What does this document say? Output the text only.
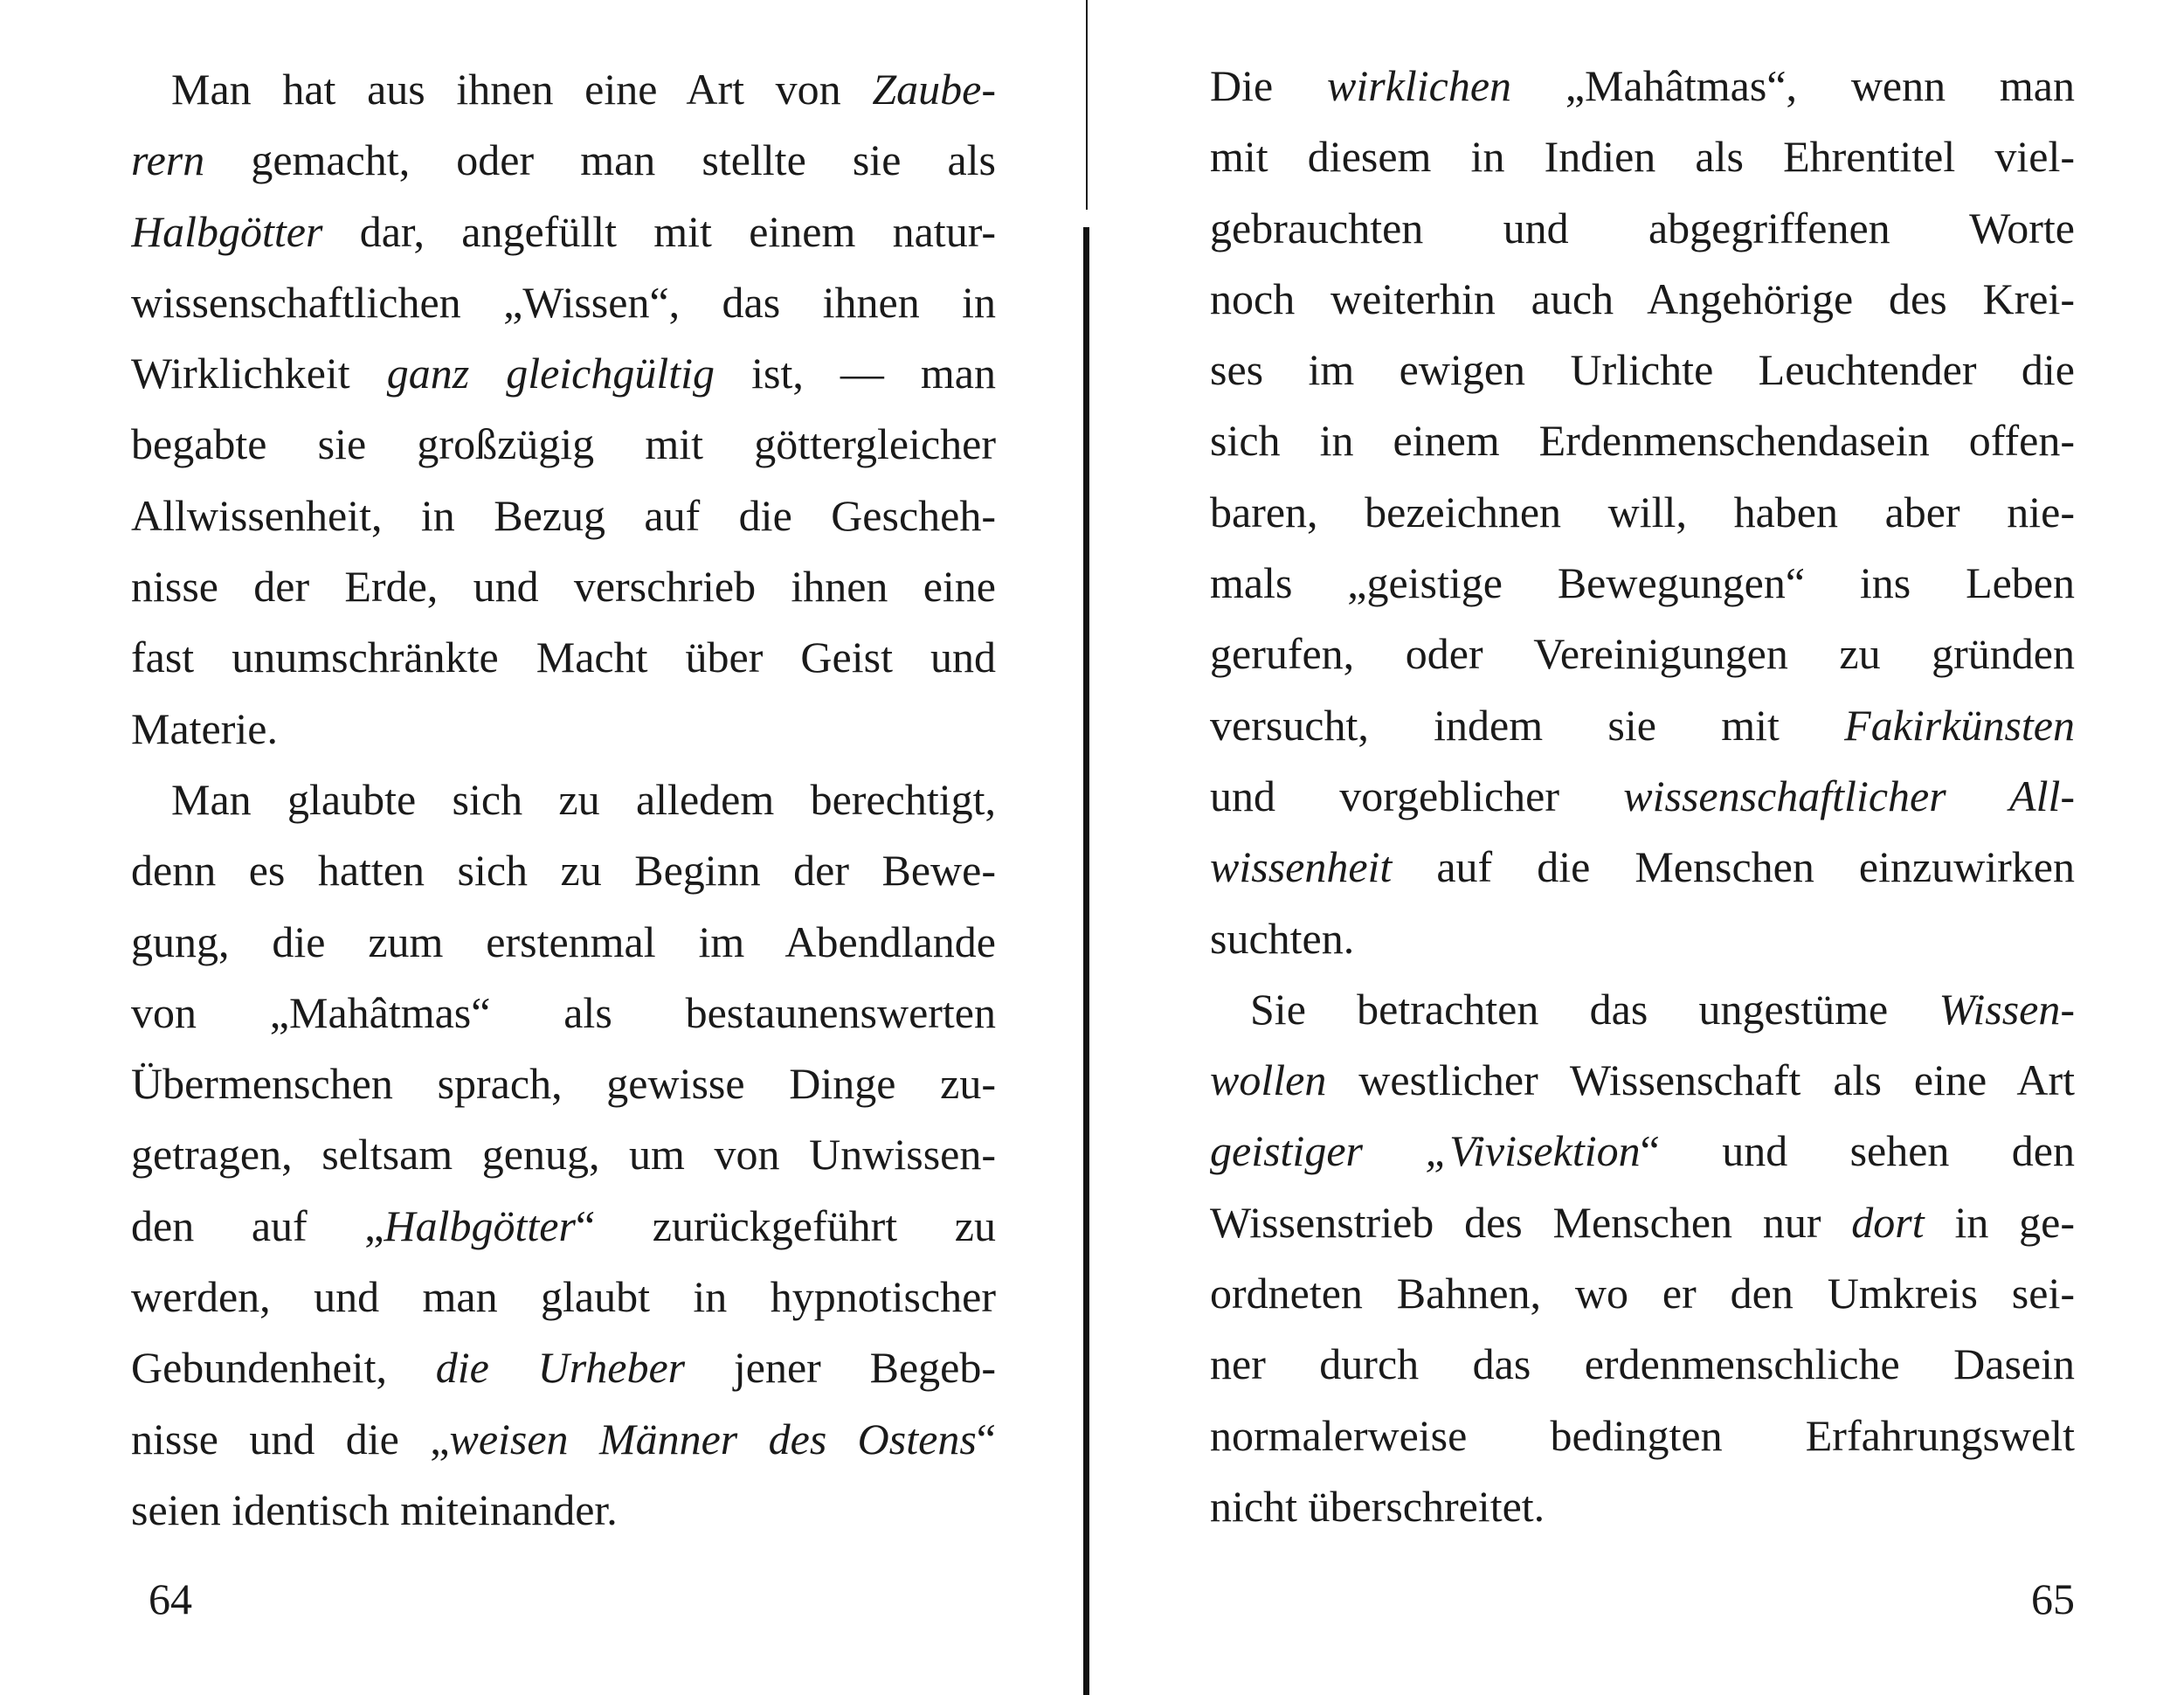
Man hat aus ihnen eine Art von Zaube-
rern gemacht, oder man stellte sie als
Halbgötter dar, angefüllt mit einem natur-
wissenschaftlichen „Wissen“, das ihnen in
Wirklichkeit ganz gleichgültig ist, — man
begabte sie großzügig mit göttergleicher
Allwissenheit, in Bezug auf die Gescheh-
nisse der Erde, und verschrieb ihnen eine
fast unumschränkte Macht über Geist und
Materie.
Man glaubte sich zu alledem berechtigt,
denn es hatten sich zu Beginn der Bewe-
gung, die zum erstenmal im Abendlande
von „Mahâtmas“ als bestaunenswerten
Übermenschen sprach, gewisse Dinge zu-
getragen, seltsam genug, um von Unwissen-
den auf „Halbgötter“ zurückgeführt zu
werden, und man glaubt in hypnotischer
Gebundenheit, die Urheber jener Begeb-
nisse und die „weisen Männer des Ostens“
seien identisch miteinander.
64
Die wirklichen „Mahâtmas“, wenn man
mit diesem in Indien als Ehrentitel viel-
gebrauchten und abgegriffenen Worte
noch weiterhin auch Angehörige des Krei-
ses im ewigen Urlichte Leuchtender die
sich in einem Erdenmenschendasein offen-
baren, bezeichnen will, haben aber nie-
mals „geistige Bewegungen“ ins Leben
gerufen, oder Vereinigungen zu gründen
versucht, indem sie mit Fakirkünsten
und vorgeblicher wissenschaftlicher All-
wissenheit auf die Menschen einzuwirken
suchten.
Sie betrachten das ungestüme Wissen-
wollen westlicher Wissenschaft als eine Art
geistiger „Vivisektion“ und sehen den
Wissenstrieb des Menschen nur dort in ge-
ordneten Bahnen, wo er den Umkreis sei-
ner durch das erdenmenschliche Dasein
normalerweise bedingten Erfahrungswelt
nicht überschreitet.
65
